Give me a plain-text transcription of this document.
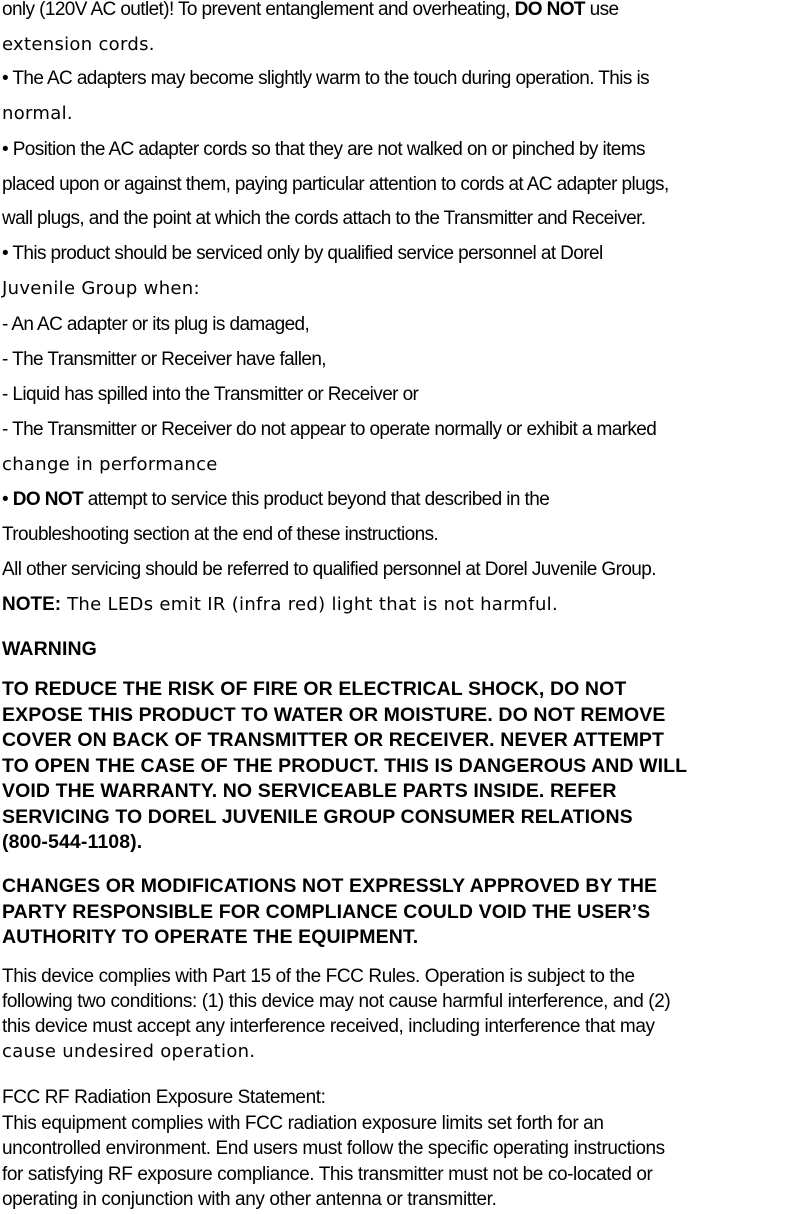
only (120V AC outlet)! To prevent entanglement and overheating, DO NOT use
extension cords.
• The AC adapters may become slightly warm to the touch during operation. This is
normal.
• Position the AC adapter cords so that they are not walked on or pinched by items
placed upon or against them, paying particular attention to cords at AC adapter plugs,
wall plugs, and the point at which the cords attach to the Transmitter and Receiver.
• This product should be serviced only by qualified service personnel at Dorel
Juvenile Group when:
- An AC adapter or its plug is damaged,
- The Transmitter or Receiver have fallen,
- Liquid has spilled into the Transmitter or Receiver or
- The Transmitter or Receiver do not appear to operate normally or exhibit a marked
change in performance
• DO NOT attempt to service this product beyond that described in the
Troubleshooting section at the end of these instructions.
All other servicing should be referred to qualified personnel at Dorel Juvenile Group.
NOTE: The LEDs emit IR (infra red) light that is not harmful.
WARNING
TO REDUCE THE RISK OF FIRE OR ELECTRICAL SHOCK, DO NOT
EXPOSE THIS PRODUCT TO WATER OR MOISTURE. DO NOT REMOVE
COVER ON BACK OF TRANSMITTER OR RECEIVER. NEVER ATTEMPT
TO OPEN THE CASE OF THE PRODUCT. THIS IS DANGEROUS AND WILL
VOID THE WARRANTY. NO SERVICEABLE PARTS INSIDE. REFER
SERVICING TO DOREL JUVENILE GROUP CONSUMER RELATIONS
(800-544-1108).
CHANGES OR MODIFICATIONS NOT EXPRESSLY APPROVED BY THE
PARTY RESPONSIBLE FOR COMPLIANCE COULD VOID THE USER’S
AUTHORITY TO OPERATE THE EQUIPMENT.
This device complies with Part 15 of the FCC Rules. Operation is subject to the
following two conditions: (1) this device may not cause harmful interference, and (2)
this device must accept any interference received, including interference that may
cause undesired operation.
FCC RF Radiation Exposure Statement:
This equipment complies with FCC radiation exposure limits set forth for an
uncontrolled environment. End users must follow the specific operating instructions
for satisfying RF exposure compliance. This transmitter must not be co-located or
operating in conjunction with any other antenna or transmitter.
